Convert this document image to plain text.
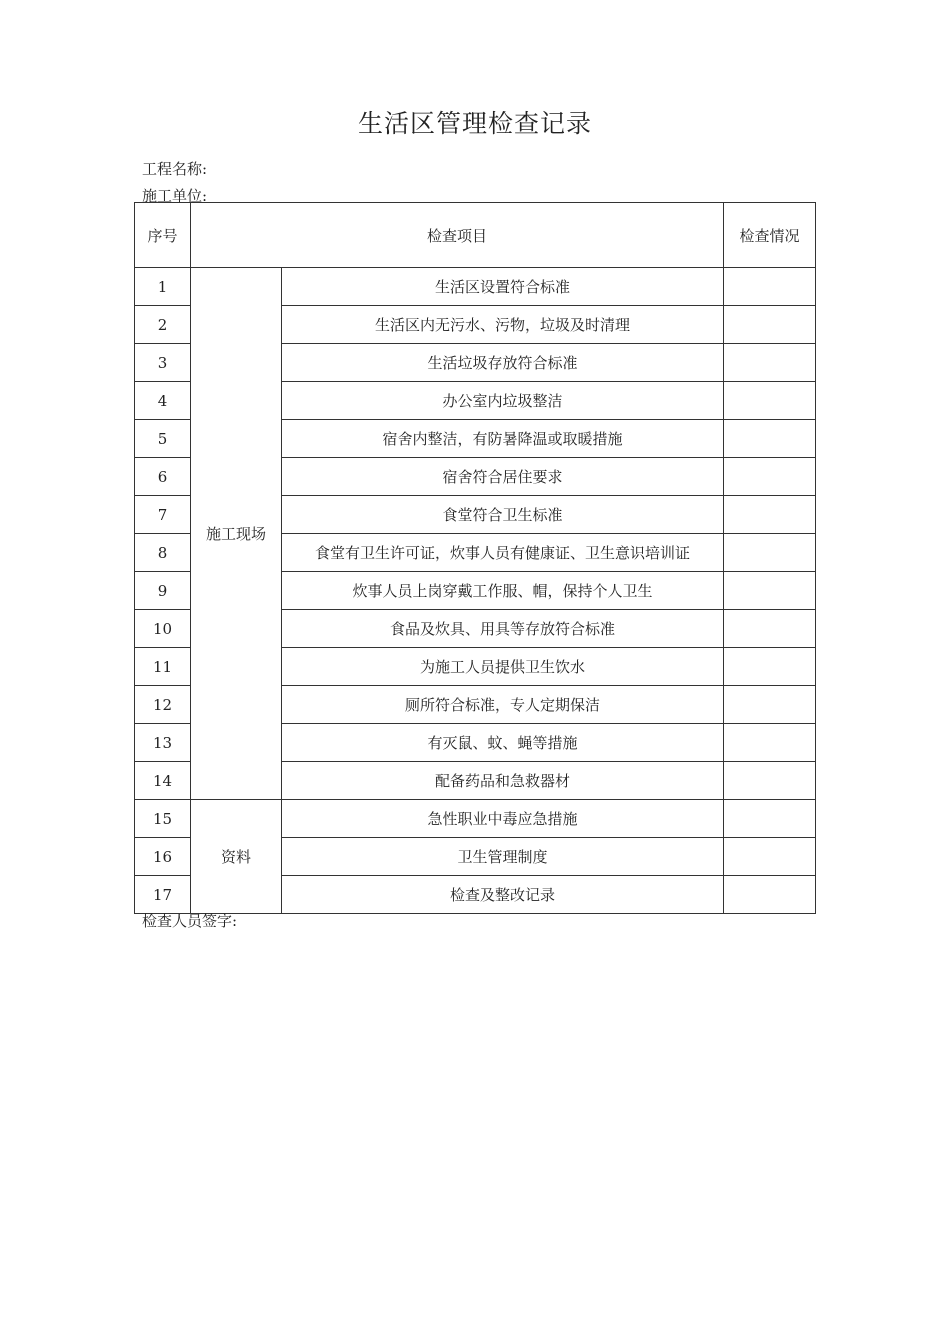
生活区管理检查记录
工程名称:
施工单位:
序号	检查项目		检查情况
1	施工现场	生活区设置符合标准	
2		生活区内无污水、污物，垃圾及时清理	
3		生活垃圾存放符合标准	
4		办公室内垃圾整洁	
5		宿舍内整洁，有防暑降温或取暖措施	
6		宿舍符合居住要求	
7		食堂符合卫生标准	
8		食堂有卫生许可证，炊事人员有健康证、卫生意识培训证	
9		炊事人员上岗穿戴工作服、帽，保持个人卫生	
10		食品及炊具、用具等存放符合标准	
11		为施工人员提供卫生饮水	
12		厕所符合标准，专人定期保洁	
13		有灭鼠、蚊、蝇等措施	
14		配备药品和急救器材	
15	资料	急性职业中毒应急措施	
16		卫生管理制度	
17		检查及整改记录	
检查人员签字:
